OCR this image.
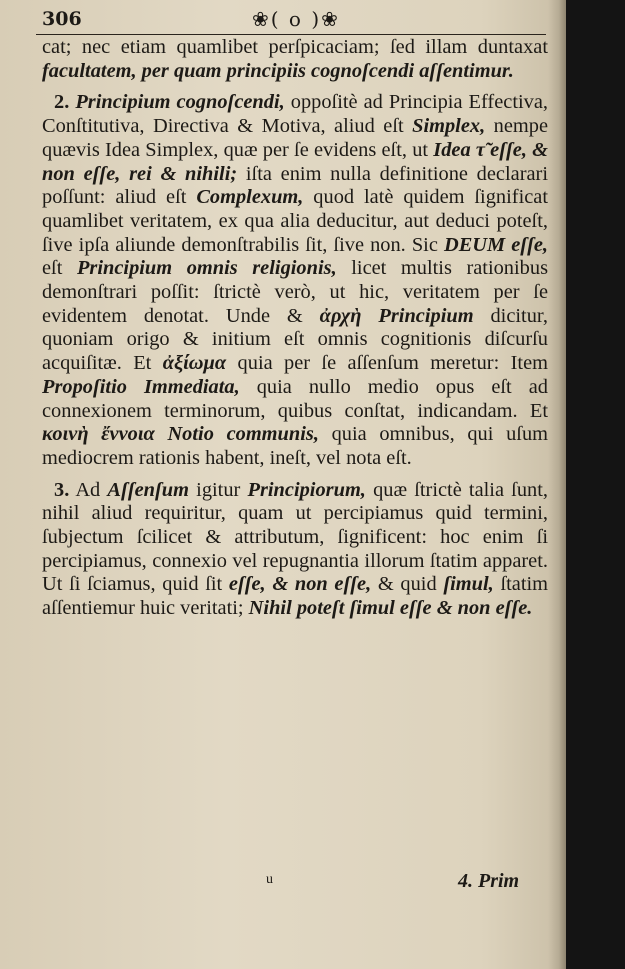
306	❀( o )❀

cat; nec etiam quamlibet perſpicaciam; ſed illam duntaxat facultatem, per quam principiis cognoſcendi aſſentimur.

2. Principium cognoſcendi, oppoſitè ad Principia Effectiva, Conſtitutiva, Directiva & Motiva, aliud eſt Simplex, nempe quævis Idea Simplex, quæ per ſe evidens eſt, ut Idea τ̃ eſſe, & non eſſe, rei & nihili; iſta enim nulla definitione declarari poſſunt: aliud eſt Complexum, quod latè quidem ſignificat quamlibet veritatem, ex qua alia deducitur, aut deduci poteſt, ſive ipſa aliunde demonſtrabilis ſit, ſive non. Sic DEUM eſſe, eſt Principium omnis religionis, licet multis rationibus demonſtrari poſſit: ſtrictè verò, ut hic, veritatem per ſe evidentem denotat. Unde & ἀρχὴ Principium dicitur, quoniam origo & initium eſt omnis cognitionis diſcurſu acquiſitæ. Et ἀξίωμα quia per ſe aſſenſum meretur: Item Propoſitio Immediata, quia nullo medio opus eſt ad connexionem terminorum, quibus conſtat, indicandam. Et κοινὴ ἔννοια Notio communis, quia omnibus, qui uſum mediocrem rationis habent, ineſt, vel nota eſt.

3. Ad Aſſenſum igitur Principiorum, quæ ſtrictè talia ſunt, nihil aliud requiritur, quam ut percipiamus quid termini, ſubjectum ſcilicet & attributum, ſignificent: hoc enim ſi percipiamus, connexio vel repugnantia illorum ſtatim apparet. Ut ſi ſciamus, quid ſit eſſe, & non eſſe, & quid ſimul, ſtatim aſſentiemur huic veritati; Nihil poteſt ſimul eſſe & non eſſe.

u	4. Prim
